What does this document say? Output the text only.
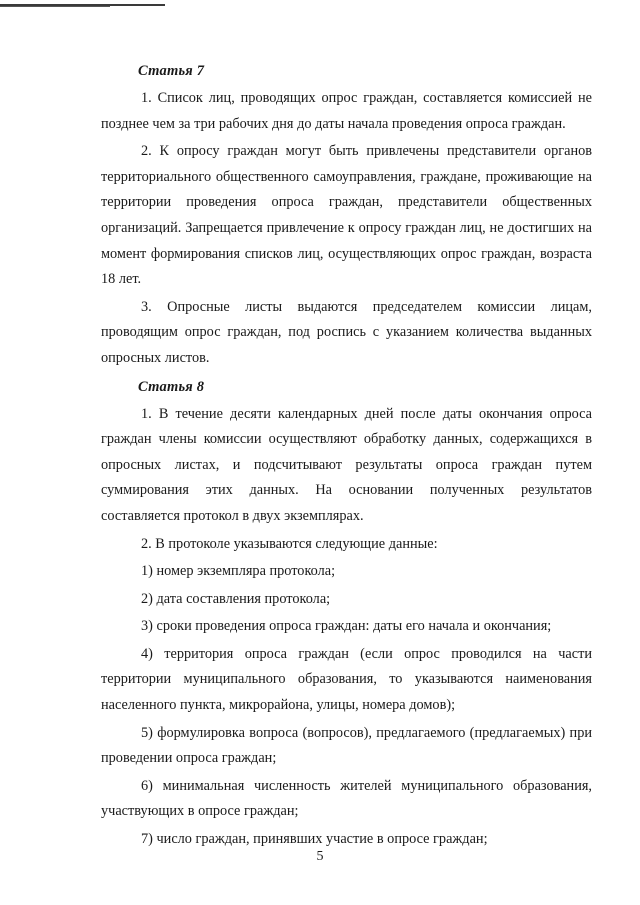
Статья 7

1. Список лиц, проводящих опрос граждан, составляется комиссией не позднее чем за три рабочих дня до даты начала проведения опроса граждан.

2. К опросу граждан могут быть привлечены представители органов территориального общественного самоуправления, граждане, проживающие на территории проведения опроса граждан, представители общественных организаций. Запрещается привлечение к опросу граждан лиц, не достигших на момент формирования списков лиц, осуществляющих опрос граждан, возраста 18 лет.

3. Опросные листы выдаются председателем комиссии лицам, проводящим опрос граждан, под роспись с указанием количества выданных опросных листов.

Статья 8

1. В течение десяти календарных дней после даты окончания опроса граждан члены комиссии осуществляют обработку данных, содержащихся в опросных листах, и подсчитывают результаты опроса граждан путем суммирования этих данных. На основании полученных результатов составляется протокол в двух экземплярах.

2. В протоколе указываются следующие данные:

1) номер экземпляра протокола;

2) дата составления протокола;

3) сроки проведения опроса граждан: даты его начала и окончания;

4) территория опроса граждан (если опрос проводился на части территории муниципального образования, то указываются наименования населенного пункта, микрорайона, улицы, номера домов);

5) формулировка вопроса (вопросов), предлагаемого (предлагаемых) при проведении опроса граждан;

6) минимальная численность жителей муниципального образования, участвующих в опросе граждан;

7) число граждан, принявших участие в опросе граждан;

5
